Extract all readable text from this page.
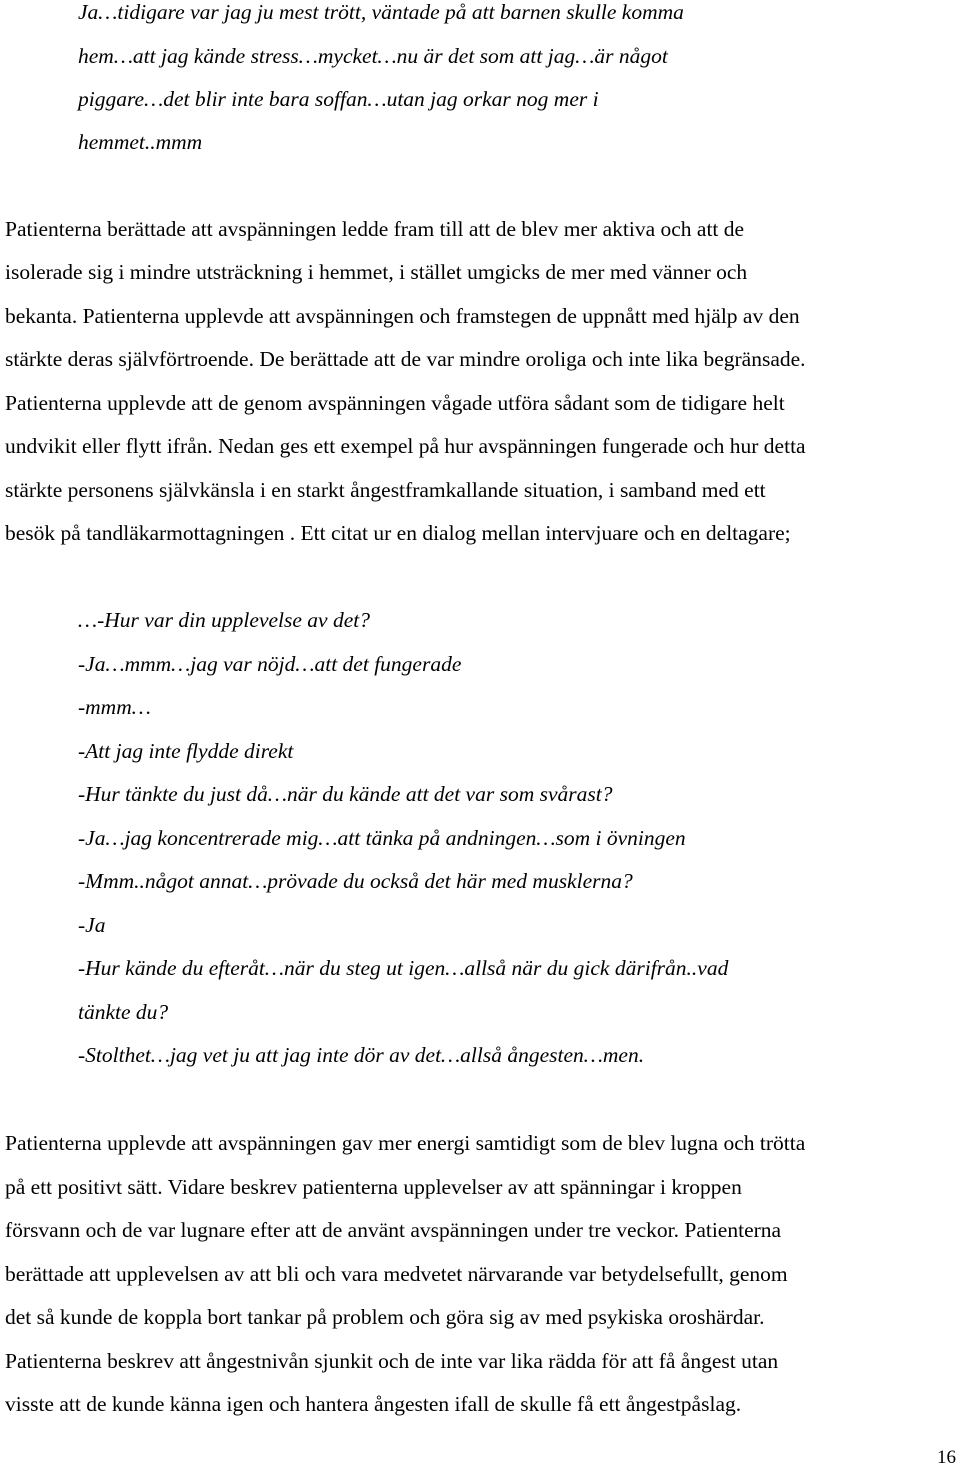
Ja…tidigare var jag ju mest trött, väntade på att barnen skulle komma
hem…att jag kände stress…mycket…nu är det som att jag…är något
piggare…det blir inte bara soffan…utan jag orkar nog mer i
hemmet..mmm
Patienterna berättade att avspänningen ledde fram till att de blev mer aktiva och att de
isolerade sig i mindre utsträckning i hemmet, i stället umgicks de mer med vänner och
bekanta. Patienterna upplevde att avspänningen och framstegen de uppnått med hjälp av den
stärkte deras självförtroende. De berättade att de var mindre oroliga och inte lika begränsade.
Patienterna upplevde att de genom avspänningen vågade utföra sådant som de tidigare helt
undvikit eller flytt ifrån. Nedan ges ett exempel på hur avspänningen fungerade och hur detta
stärkte personens självkänsla i en starkt ångestframkallande situation, i samband med ett
besök på tandläkarmottagningen . Ett citat ur en dialog mellan intervjuare och en deltagare;
…-Hur var din upplevelse av det?
-Ja…mmm…jag var nöjd…att det fungerade
-mmm…
-Att jag inte flydde direkt
-Hur tänkte du just då…när du kände att det var som svårast?
-Ja…jag koncentrerade mig…att tänka på andningen…som i övningen
-Mmm..något annat…prövade du också det här med musklerna?
-Ja
-Hur kände du efteråt…när du steg ut igen…allså när du gick därifrån..vad
tänkte du?
-Stolthet…jag vet ju att jag inte dör av det…allså ångesten…men.
Patienterna upplevde att avspänningen gav mer energi samtidigt som de blev lugna och trötta
på ett positivt sätt. Vidare beskrev patienterna upplevelser av att spänningar i kroppen
försvann och de var lugnare efter att de använt avspänningen under tre veckor. Patienterna
berättade att upplevelsen av att bli och vara medvetet närvarande var betydelsefullt, genom
det så kunde de koppla bort tankar på problem och göra sig av med psykiska oroshärdar.
Patienterna beskrev att ångestnivån sjunkit och de inte var lika rädda för att få ångest utan
visste att de kunde känna igen och hantera ångesten ifall de skulle få ett ångestpåslag.
16
